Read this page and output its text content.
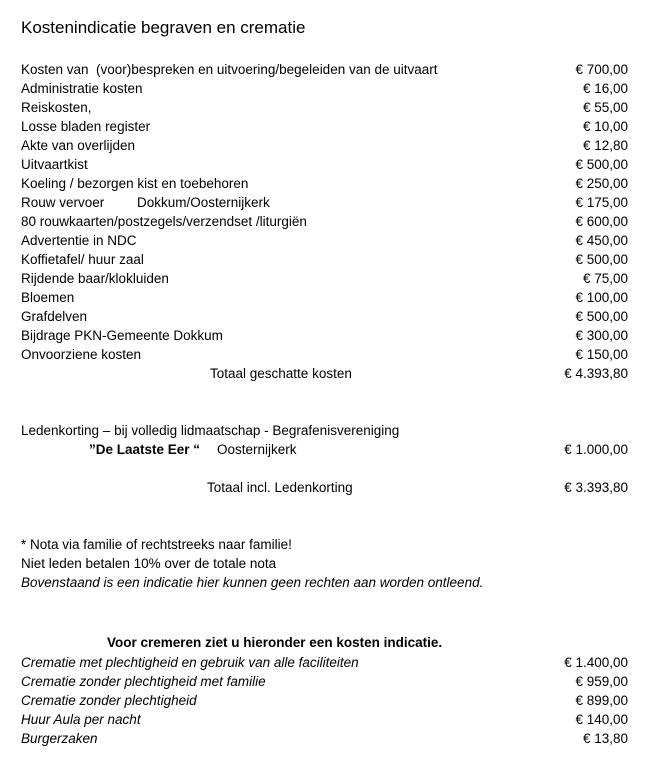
Kostenindicatie begraven en crematie
Kosten van  (voor)bespreken en uitvoering/begeleiden van de uitvaart	€ 700,00
Administratie kosten	€ 16,00
Reiskosten,	€ 55,00
Losse bladen register	€ 10,00
Akte van overlijden	€ 12,80
Uitvaartkist	€ 500,00
Koeling / bezorgen kist en toebehoren	€ 250,00
Rouw vervoer Dokkum/Oosternijkerk	€ 175,00
80 rouwkaarten/postzegels/verzendset /liturgiën	€ 600,00
Advertentie in NDC	€ 450,00
Koffietafel/ huur zaal	€ 500,00
Rijdende baar/klokluiden	€ 75,00
Bloemen	€ 100,00
Grafdelven	€ 500,00
Bijdrage PKN-Gemeente Dokkum	€ 300,00
Onvoorziene kosten	€ 150,00
Totaal geschatte kosten	€ 4.393,80
Ledenkorting – bij volledig lidmaatschap - Begrafenisvereniging
”De Laatste Eer “ Oosternijkerk	€ 1.000,00
Totaal incl. Ledenkorting	€ 3.393,80
* Nota via familie of rechtstreeks naar familie!
Niet leden betalen 10% over de totale nota
Bovenstaand is een indicatie hier kunnen geen rechten aan worden ontleend.
Voor cremeren ziet u hieronder een kosten indicatie.
Crematie met plechtigheid en gebruik van alle faciliteiten	€ 1.400,00
Crematie zonder plechtigheid met familie	€ 959,00
Crematie zonder plechtigheid	€ 899,00
Huur Aula per nacht	€ 140,00
Burgerzaken	€ 13,80
